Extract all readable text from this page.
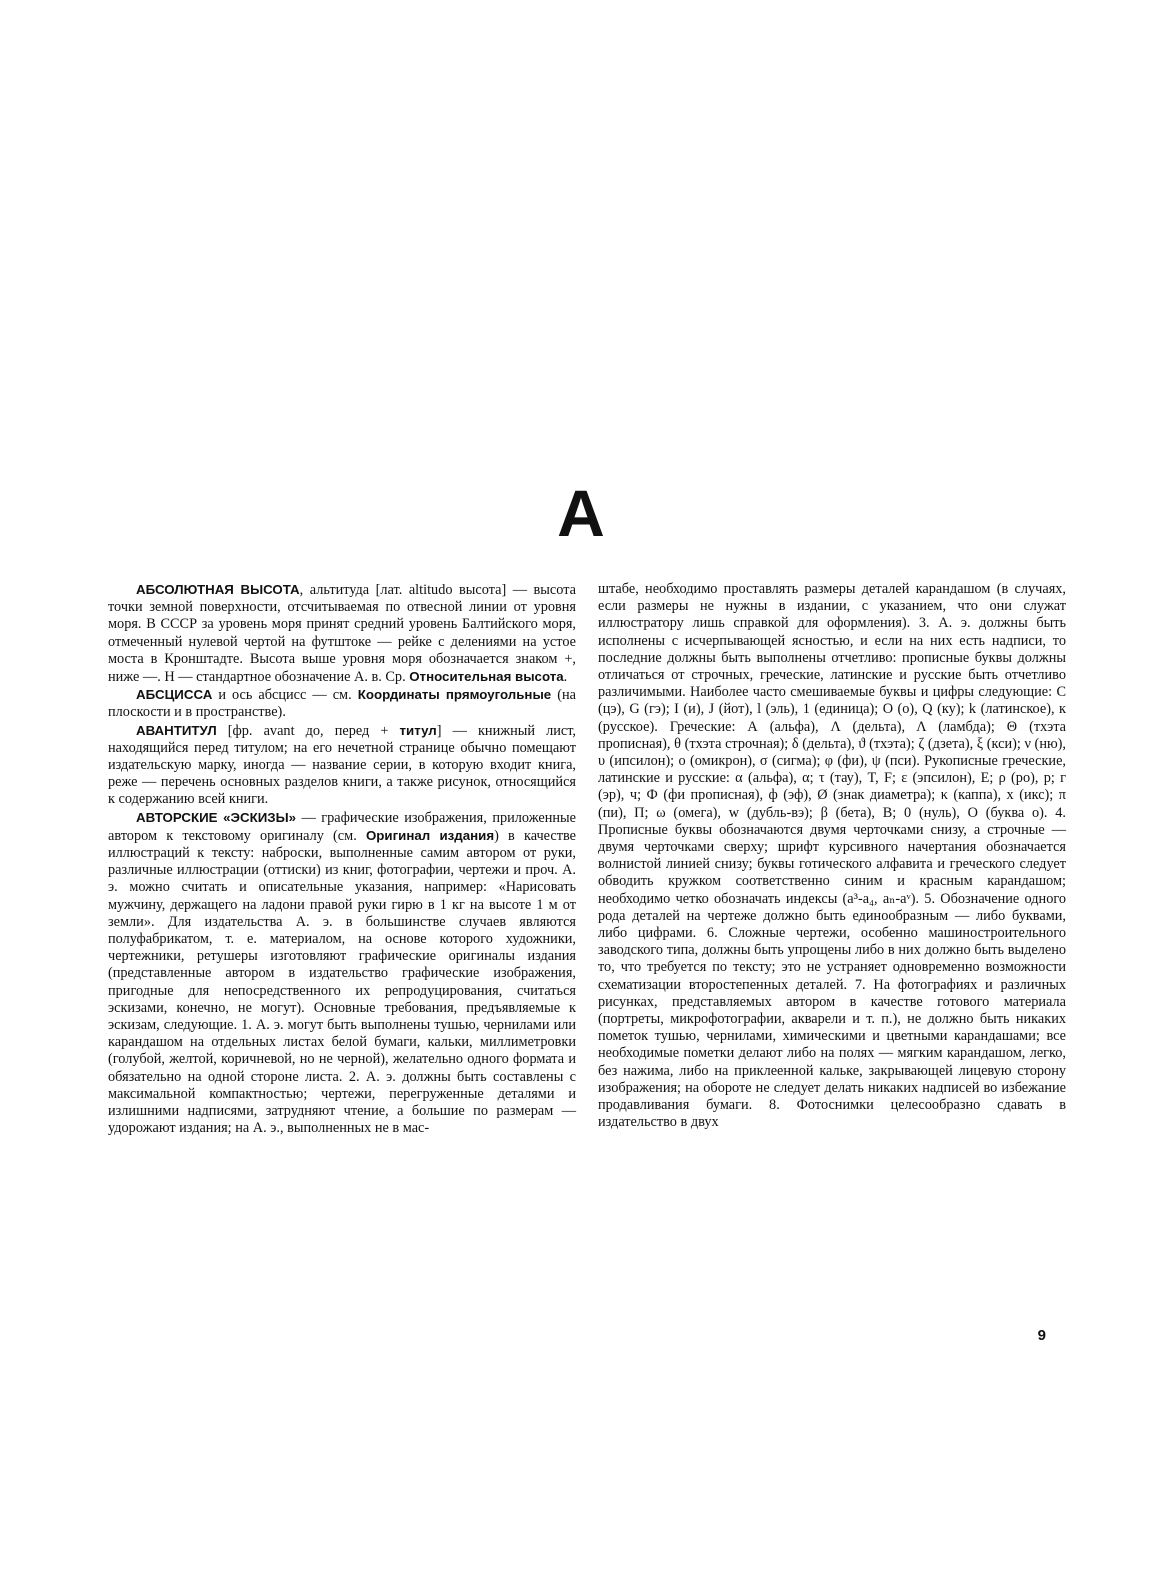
А

АБСОЛЮТНАЯ ВЫСОТА, альтитуда [лат. altitudo высота] — высота точки земной поверхности, отсчитываемая по отвесной линии от уровня моря. В СССР за уровень моря принят средний уровень Балтийского моря, отмеченный нулевой чертой на футштоке — рейке с делениями на устое моста в Кронштадте. Высота выше уровня моря обозначается знаком +, ниже —. Н — стандартное обозначение А. в. Ср. Относительная высота.

АБСЦИССА и ось абсцисс — см. Координаты прямоугольные (на плоскости и в пространстве).

АВАНТИТУЛ [фр. avant до, перед + титул] — книжный лист, находящийся перед титулом; на его нечетной странице обычно помещают издательскую марку, иногда — название серии, в которую входит книга, реже — перечень основных разделов книги, а также рисунок, относящийся к содержанию всей книги.

АВТОРСКИЕ «ЭСКИЗЫ» — графические изображения, приложенные автором к текстовому оригиналу (см. Оригинал издания) в качестве иллюстраций к тексту: наброски, выполненные самим автором от руки, различные иллюстрации (оттиски) из книг, фотографии, чертежи и проч. А. э. можно считать и описательные указания, например: «Нарисовать мужчину, держащего на ладони правой руки гирю в 1 кг на высоте 1 м от земли». Для издательства А. э. в большинстве случаев являются полуфабрикатом, т. е. материалом, на основе которого художники, чертежники, ретушеры изготовляют графические оригиналы издания (представленные автором в издательство графические изображения, пригодные для непосредственного их репродуцирования, считаться эскизами, конечно, не могут). Основные требования, предъявляемые к эскизам, следующие. 1. А. э. могут быть выполнены тушью, чернилами или карандашом на отдельных листах белой бумаги, кальки, миллиметровки (голубой, желтой, коричневой, но не черной), желательно одного формата и обязательно на одной стороне листа. 2. А. э. должны быть составлены с максимальной компактностью; чертежи, перегруженные деталями и излишними надписями, затрудняют чтение, а большие по размерам — удорожают издания; на А. э., выполненных не в мас-

штабе, необходимо проставлять размеры деталей карандашом (в случаях, если размеры не нужны в издании, с указанием, что они служат иллюстратору лишь справкой для оформления). 3. А. э. должны быть исполнены с исчерпывающей ясностью, и если на них есть надписи, то последние должны быть выполнены отчетливо: прописные буквы должны отличаться от строчных, греческие, латинские и русские быть отчетливо различимыми. Наиболее часто смешиваемые буквы и цифры следующие: C (цэ), G (гэ); I (и), J (йот), l (эль), 1 (единица); O (о), Q (ку); k (латинское), к (русское). Греческие: А (альфа), Λ (дельта), Λ (ламбда); Θ (тхэта прописная), θ (тхэта строчная); δ (дельта), ϑ (тхэта); ζ (дзета), ξ (кси); ν (ню), υ (ипсилон); ο (омикрон), σ (сигма); φ (фи), ψ (пси). Рукописные греческие, латинские и русские: α (альфа), α; τ (тау), T, F; ε (эпсилон), E; ρ (ро), p; г (эр), ч; Ф (фи прописная), ф (эф), Ø (знак диаметра); κ (каппа), x (икс); π (пи), П; ω (омега), w (дубль-вэ); β (бета), B; 0 (нуль), O (буква о). 4. Прописные буквы обозначаются двумя черточками снизу, а строчные — двумя черточками сверху; шрифт курсивного начертания обозначается волнистой линией снизу; буквы готического алфавита и греческого следует обводить кружком соответственно синим и красным карандашом; необходимо четко обозначать индексы (a³-a₄, aₙ-aᵛ). 5. Обозначение одного рода деталей на чертеже должно быть единообразным — либо буквами, либо цифрами. 6. Сложные чертежи, особенно машиностроительного заводского типа, должны быть упрощены либо в них должно быть выделено то, что требуется по тексту; это не устраняет одновременно возможности схематизации второстепенных деталей. 7. На фотографиях и различных рисунках, представляемых автором в качестве готового материала (портреты, микрофотографии, акварели и т. п.), не должно быть никаких пометок тушью, чернилами, химическими и цветными карандашами; все необходимые пометки делают либо на полях — мягким карандашом, легко, без нажима, либо на приклеенной кальке, закрывающей лицевую сторону изображения; на обороте не следует делать никаких надписей во избежание продавливания бумаги. 8. Фотоснимки целесообразно сдавать в издательство в двух

9
